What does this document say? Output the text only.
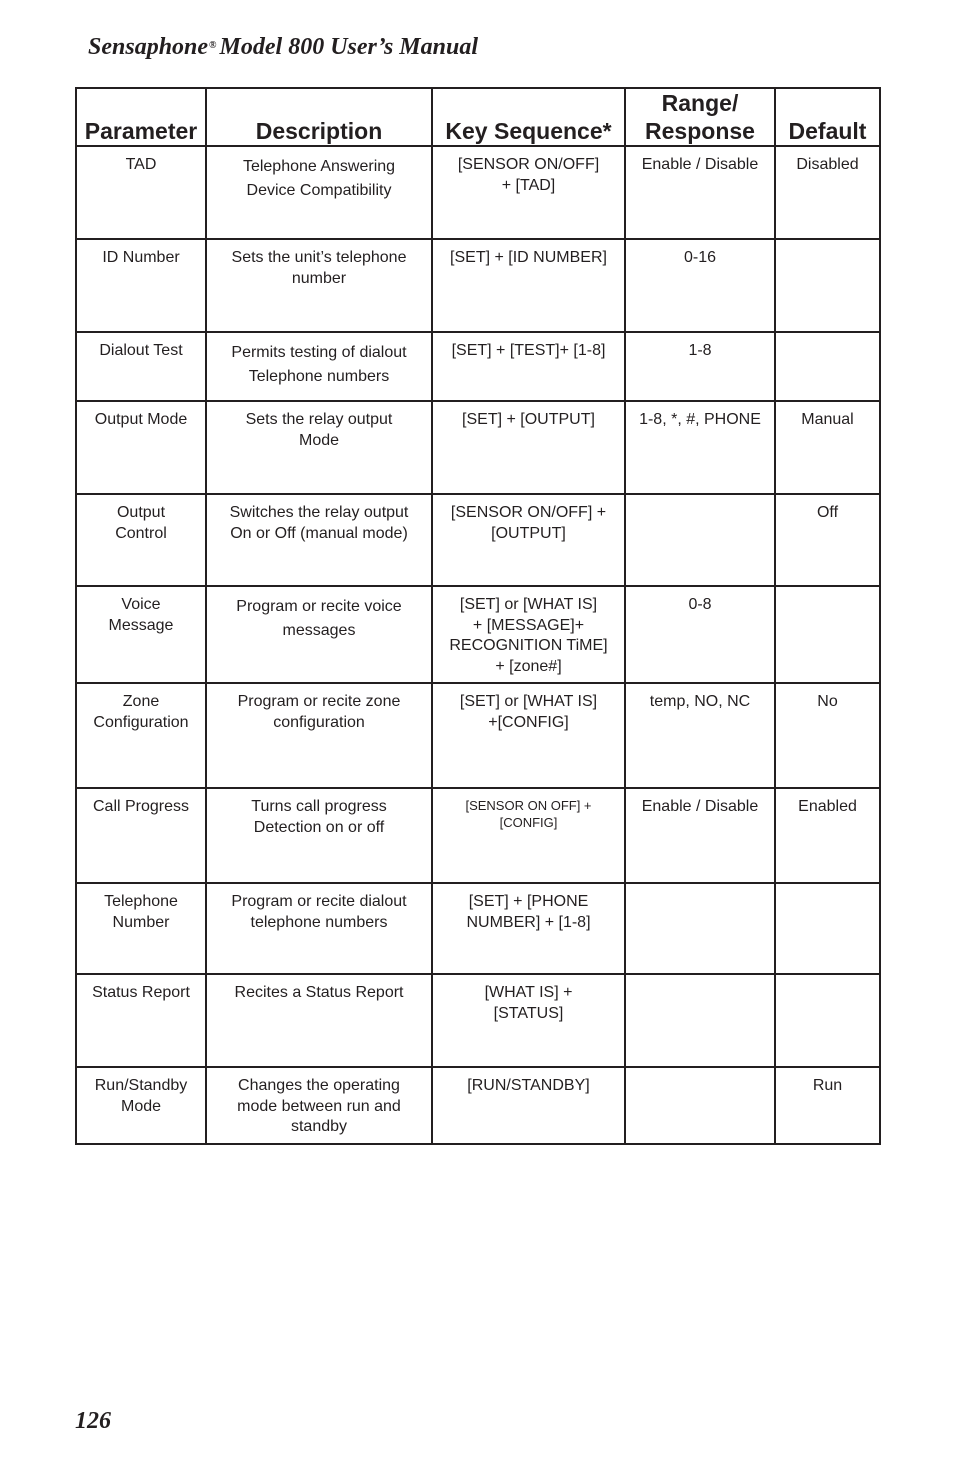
Sensaphone® Model 800 User’s Manual
Parameter	Description	Key Sequence*	Range/
Response	Default

TAD	Telephone Answering
Device Compatibility	[SENSOR ON/OFF]
+ [TAD]	Enable / Disable	Disabled

ID Number	Sets the unit’s telephone
number	[SET] + [ID NUMBER]	0-16	

Dialout Test	Permits testing of dialout
Telephone numbers	[SET] + [TEST]+ [1-8]	1-8	

Output Mode	Sets the relay output
Mode	[SET] + [OUTPUT]	1-8, *, #, PHONE	Manual

Output
Control	Switches the relay output
On or Off (manual mode)	[SENSOR ON/OFF] +
[OUTPUT]		Off

Voice
Message	Program or recite voice
messages	[SET] or [WHAT IS]
+ [MESSAGE]+
RECOGNITION TiME]
+ [zone#]	0-8	

Zone
Configuration	Program or recite zone
configuration	[SET] or [WHAT IS]
+[CONFIG]	temp, NO, NC	No

Call Progress	Turns call progress
Detection on or off	[SENSOR ON OFF] +
[CONFIG]	Enable / Disable	Enabled

Telephone
Number	Program or recite dialout
telephone numbers	[SET] + [PHONE
NUMBER] + [1-8]		

Status Report	Recites a Status Report	[WHAT IS] +
[STATUS]		

Run/Standby
Mode	Changes the operating
mode between run and
standby	[RUN/STANDBY]		Run
126
